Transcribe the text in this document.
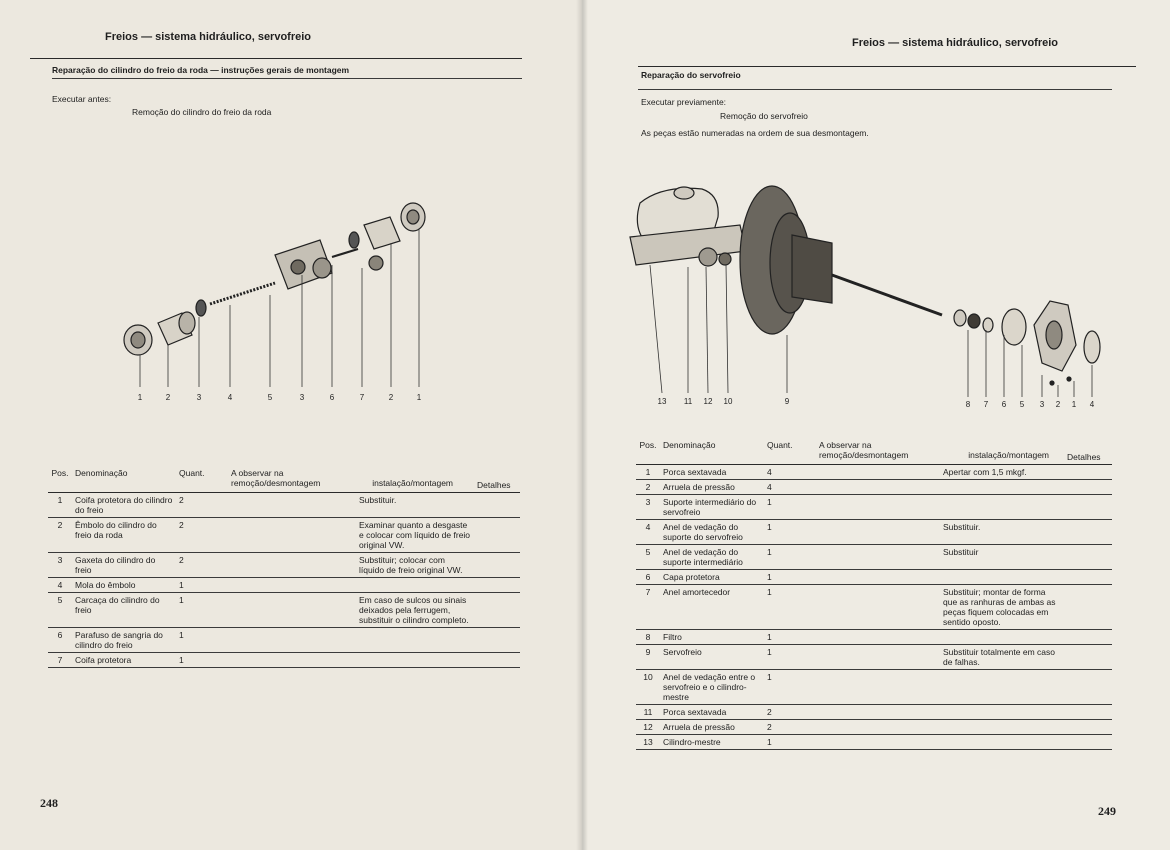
Freios — sistema hidráulico, servofreio
Reparação do cilindro do freio da roda — instruções gerais de montagem
Executar antes:
Remoção do cilindro do freio da roda
1	2	3	4	5	3	6	7	2	1
Pos.	Denominação	Quant.	A observar na
remoção/desmontagem instalação/montagem		Detalhes
1	Coifa protetora do cilindro do freio	2		Substituir.	
2	Êmbolo do cilindro do freio da roda	2		Examinar quanto a desgaste e colocar com líquido de freio original VW.	
3	Gaxeta do cilindro do freio	2		Substituir; colocar com líquido de freio original VW.	
4	Mola do êmbolo	1			
5	Carcaça do cilindro do freio	1		Em caso de sulcos ou sinais deixados pela ferrugem, substituir o cilindro completo.	
6	Parafuso de sangria do cilindro do freio	1			
7	Coifa protetora	1			
248
Freios — sistema hidráulico, servofreio
Reparação do servofreio
Executar previamente:
Remoção do servofreio
As peças estão numeradas na ordem de sua desmontagem.
13 11 12 10	9	8 7 6 5 3 2 1 4
Pos.	Denominação	Quant.	A observar na
remoção/desmontagem instalação/montagem		Detalhes
1	Porca sextavada	4		Apertar com 1,5 mkgf.	
2	Arruela de pressão	4			
3	Suporte intermediário do servofreio	1			
4	Anel de vedação do suporte do servofreio	1		Substituir.	
5	Anel de vedação do suporte intermediário	1		Substituir	
6	Capa protetora	1			
7	Anel amortecedor	1		Substituir; montar de forma que as ranhuras de ambas as peças fiquem colocadas em sentido oposto.	
8	Filtro	1			
9	Servofreio	1		Substituir totalmente em caso de falhas.	
10	Anel de vedação entre o servofreio e o cilindro-mestre	1			
11	Porca sextavada	2			
12	Arruela de pressão	2			
13	Cilindro-mestre	1			
249
